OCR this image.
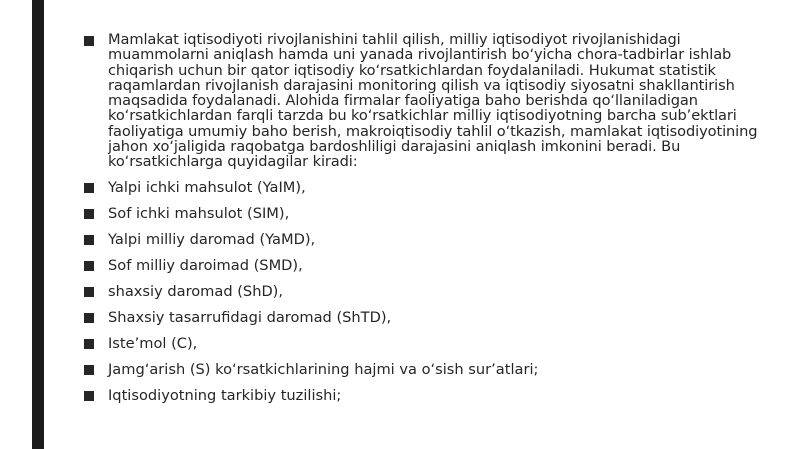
Mamlakat iqtisodiyoti rivojlanishini tahlil qilish, milliy iqtisodiyot rivojlanishidagi muammolarni aniqlash hamda uni yanada rivojlantirish bo‘yicha chora-tadbirlar ishlab chiqarish uchun bir qator iqtisodiy ko‘rsatkichlardan foydalaniladi. Hukumat statistik raqamlardan rivojlanish darajasini monitoring qilish va iqtisodiy siyosatni shakllantirish maqsadida foydalanadi. Alohida firmalar faoliyatiga baho berishda qo‘llaniladigan ko‘rsatkichlardan farqli tarzda bu ko‘rsatkichlar milliy iqtisodiyotning barcha sub’ektlari faoliyatiga umumiy baho berish, makroiqtisodiy tahlil o‘tkazish, mamlakat iqtisodiyotining jahon xo‘jaligida raqobatga bardoshliligi darajasini aniqlash imkonini beradi. Bu ko‘rsatkichlarga quyidagilar kiradi:
Yalpi ichki mahsulot (YaIM),
Sof ichki mahsulot (SIM),
Yalpi milliy daromad (YaMD),
Sof milliy daroimad (SMD),
shaxsiy daromad (ShD),
Shaxsiy tasarrufidagi daromad (ShTD),
Iste’mol (C),
Jamg‘arish (S) ko‘rsatkichlarining hajmi va o‘sish sur’atlari;
Iqtisodiyotning tarkibiy tuzilishi;
